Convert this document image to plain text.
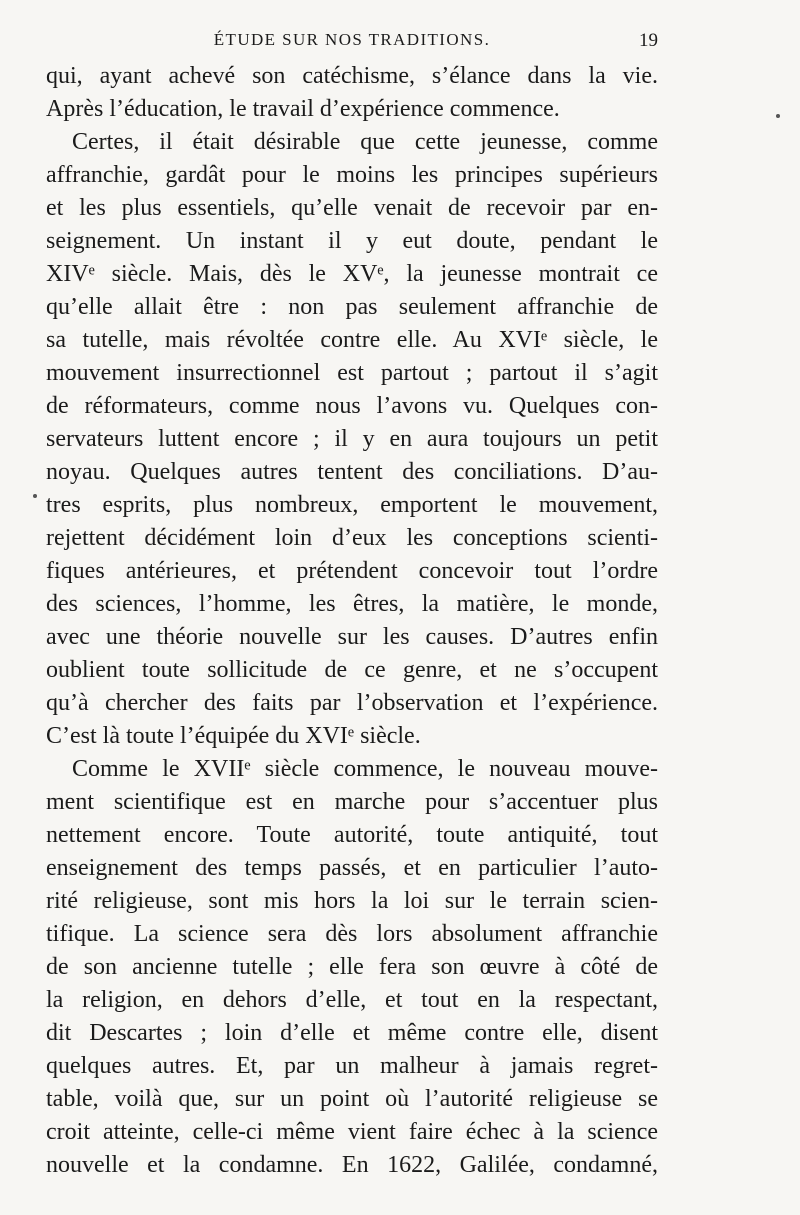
ÉTUDE SUR NOS TRADITIONS.	19
qui, ayant achevé son catéchisme, s’élance dans la vie.
Après l’éducation, le travail d’expérience commence.
Certes, il était désirable que cette jeunesse, comme
affranchie, gardât pour le moins les principes supérieurs
et les plus essentiels, qu’elle venait de recevoir par en-
seignement. Un instant il y eut doute, pendant le
XIVᵉ siècle. Mais, dès le XVᵉ, la jeunesse montrait ce
qu’elle allait être : non pas seulement affranchie de
sa tutelle, mais révoltée contre elle. Au XVIᵉ siècle, le
mouvement insurrectionnel est partout ; partout il s’agit
de réformateurs, comme nous l’avons vu. Quelques con-
servateurs luttent encore ; il y en aura toujours un petit
noyau. Quelques autres tentent des conciliations. D’au-
tres esprits, plus nombreux, emportent le mouvement,
rejettent décidément loin d’eux les conceptions scienti-
fiques antérieures, et prétendent concevoir tout l’ordre
des sciences, l’homme, les êtres, la matière, le monde,
avec une théorie nouvelle sur les causes. D’autres enfin
oublient toute sollicitude de ce genre, et ne s’occupent
qu’à chercher des faits par l’observation et l’expérience.
C’est là toute l’équipée du XVIᵉ siècle.
Comme le XVIIᵉ siècle commence, le nouveau mouve-
ment scientifique est en marche pour s’accentuer plus
nettement encore. Toute autorité, toute antiquité, tout
enseignement des temps passés, et en particulier l’auto-
rité religieuse, sont mis hors la loi sur le terrain scien-
tifique. La science sera dès lors absolument affranchie
de son ancienne tutelle ; elle fera son œuvre à côté de
la religion, en dehors d’elle, et tout en la respectant,
dit Descartes ; loin d’elle et même contre elle, disent
quelques autres. Et, par un malheur à jamais regret-
table, voilà que, sur un point où l’autorité religieuse se
croit atteinte, celle-ci même vient faire échec à la science
nouvelle et la condamne. En 1622, Galilée, condamné,
